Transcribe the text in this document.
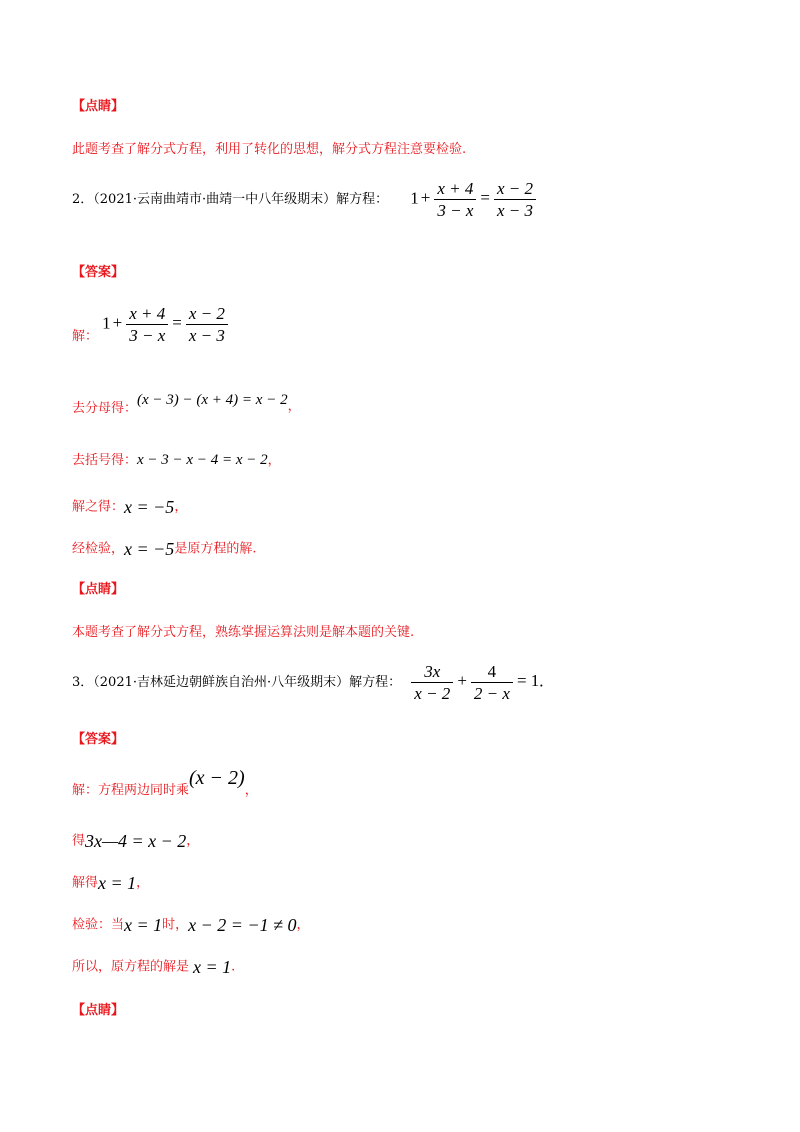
【点睛】
此题考查了解分式方程，利用了转化的思想，解分式方程注意要检验.
2．（2021·云南曲靖市·曲靖一中八年级期末）解方程： $1 + \frac{x + 4}{3 - x} = \frac{x - 2}{x - 3}$
【答案】
解： $1 + \frac{x + 4}{3 - x} = \frac{x - 2}{x - 3}$
去分母得：(x − 3) − (x + 4) = x − 2，
去括号得：x − 3 − x − 4 = x − 2，
解之得：x = −5，
经检验，x = −5是原方程的解.
【点睛】
本题考查了解分式方程，熟练掌握运算法则是解本题的关键.
3．（2021·吉林延边朝鲜族自治州·八年级期末）解方程： $\frac{3x}{x - 2} + \frac{4}{2 - x} = 1$.
【答案】
解：方程两边同时乘(x − 2)，
得3x—4 = x − 2，
解得x = 1，
检验：当x = 1时，x − 2 = −1 ≠ 0，
所以，原方程的解是 x = 1.
【点睛】
